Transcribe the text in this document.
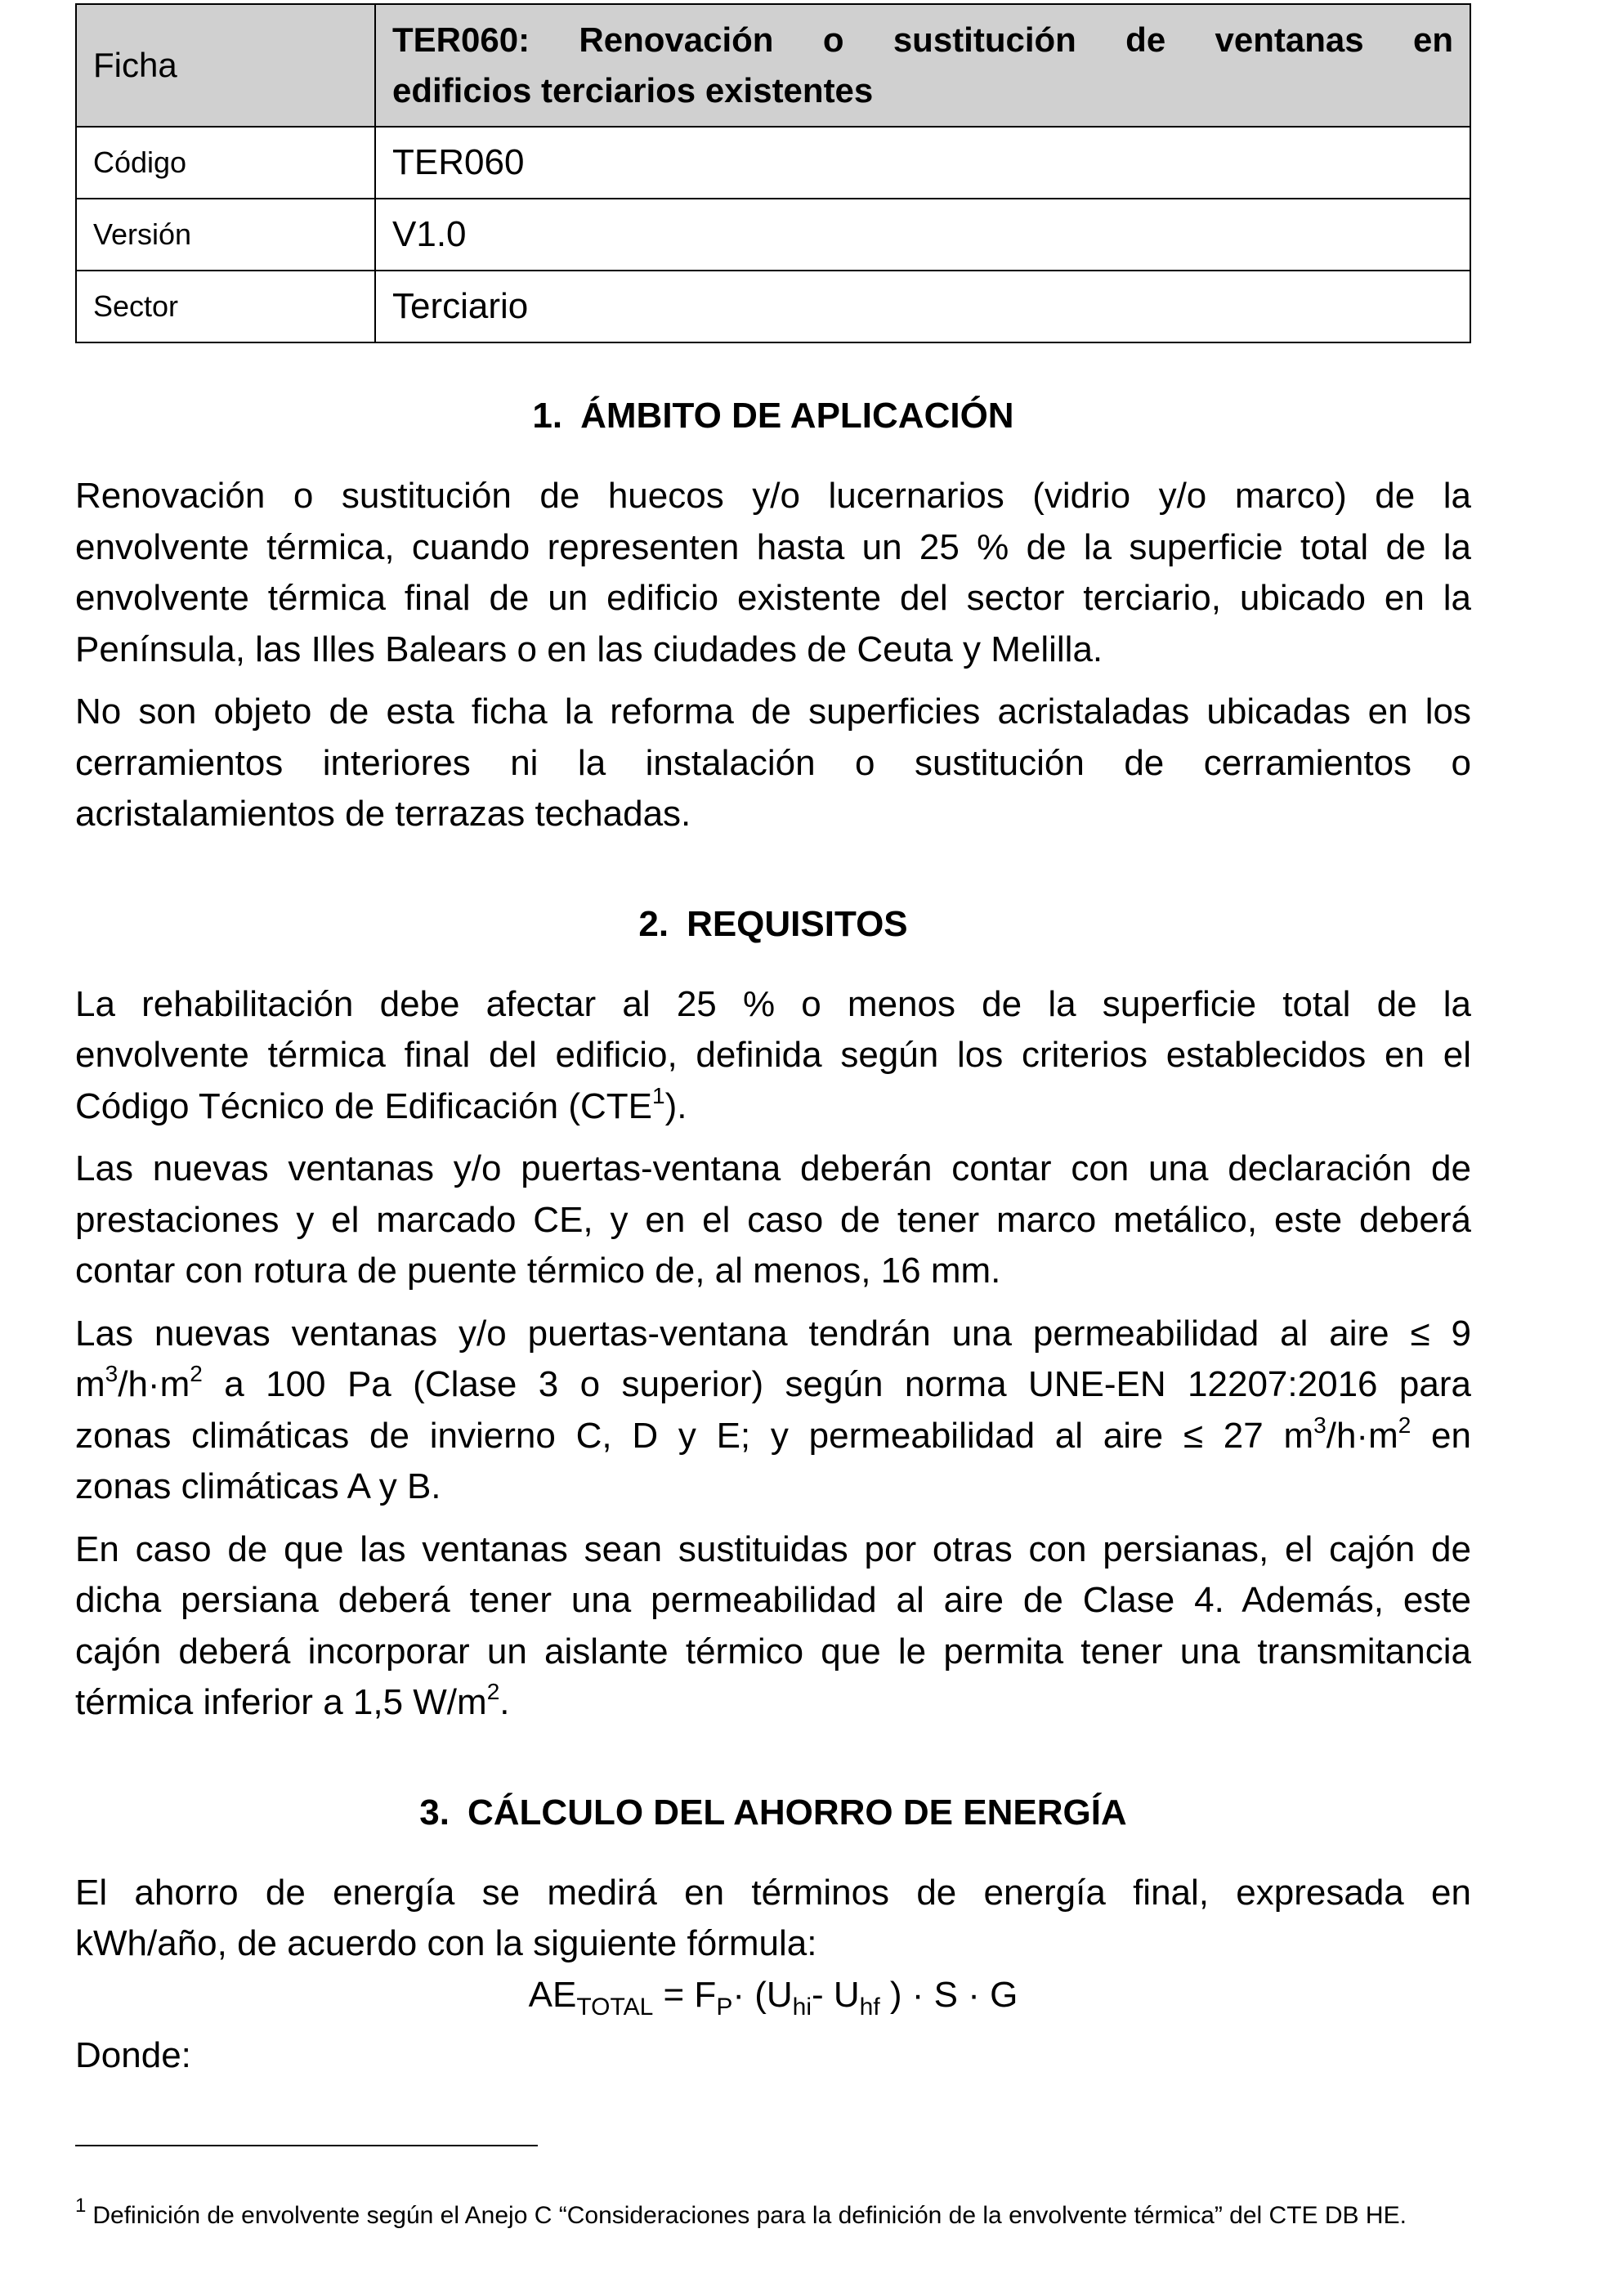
Ficha	TER060: Renovación o sustitución de ventanas en
edificios terciarios existentes

Código	TER060
Versión	V1.0
Sector	Terciario
1. ÁMBITO DE APLICACIÓN

Renovación o sustitución de huecos y/o lucernarios (vidrio y/o marco) de la
envolvente térmica, cuando representen hasta un 25 % de la superficie total de la
envolvente térmica final de un edificio existente del sector terciario, ubicado en la
Península, las Illes Balears o en las ciudades de Ceuta y Melilla.

No son objeto de esta ficha la reforma de superficies acristaladas ubicadas en los
cerramientos interiores ni la instalación o sustitución de cerramientos o
acristalamientos de terrazas techadas.

2. REQUISITOS

La rehabilitación debe afectar al 25 % o menos de la superficie total de la
envolvente térmica final del edificio, definida según los criterios establecidos en el
Código Técnico de Edificación (CTE$^1$).

Las nuevas ventanas y/o puertas-ventana deberán contar con una declaración de
prestaciones y el marcado CE, y en el caso de tener marco metálico, este deberá
contar con rotura de puente térmico de, al menos, 16 mm.

Las nuevas ventanas y/o puertas-ventana tendrán una permeabilidad al aire ≤ 9
$m^3/h\cdot m^2$ a 100 Pa (Clase 3 o superior) según norma UNE-EN 12207:2016 para
zonas climáticas de invierno C, D y E; y permeabilidad al aire ≤ 27 $m^3/h\cdot m^2$ en
zonas climáticas A y B.

En caso de que las ventanas sean sustituidas por otras con persianas, el cajón de
dicha persiana deberá tener una permeabilidad al aire de Clase 4. Además, este
cajón deberá incorporar un aislante térmico que le permita tener una transmitancia
térmica inferior a 1,5 $W/m^2$.

3. CÁLCULO DEL AHORRO DE ENERGÍA

El ahorro de energía se medirá en términos de energía final, expresada en
kWh/año, de acuerdo con la siguiente fórmula:

$AE_{TOTAL} = F_P\cdot (U_{hi}-$ $U_{hf}$ ) · S · G

Donde:

$^1$ Definición de envolvente según el Anejo C “Consideraciones para la definición de la envolvente térmica” del CTE DB HE.
